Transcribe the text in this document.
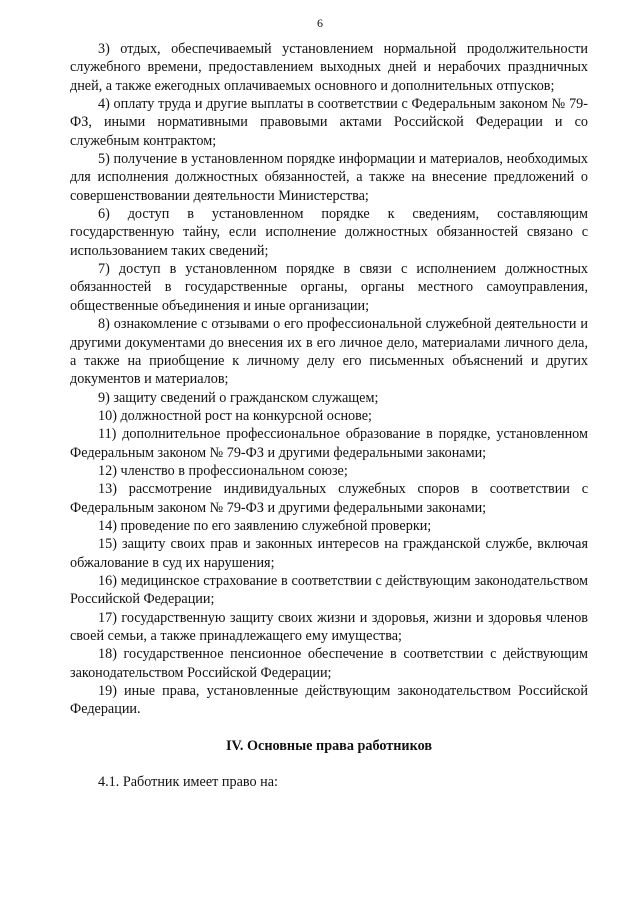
6

3) отдых, обеспечиваемый установлением нормальной продолжительности служебного времени, предоставлением выходных дней и нерабочих праздничных дней, а также ежегодных оплачиваемых основного и дополнительных отпусков;

4) оплату труда и другие выплаты в соответствии с Федеральным законом № 79-ФЗ, иными нормативными правовыми актами Российской Федерации и со служебным контрактом;

5) получение в установленном порядке информации и материалов, необходимых для исполнения должностных обязанностей, а также на внесение предложений о совершенствовании деятельности Министерства;

6) доступ в установленном порядке к сведениям, составляющим государственную тайну, если исполнение должностных обязанностей связано с использованием таких сведений;

7) доступ в установленном порядке в связи с исполнением должностных обязанностей в государственные органы, органы местного самоуправления, общественные объединения и иные организации;

8) ознакомление с отзывами о его профессиональной служебной деятельности и другими документами до внесения их в его личное дело, материалами личного дела, а также на приобщение к личному делу его письменных объяснений и других документов и материалов;

9) защиту сведений о гражданском служащем;

10) должностной рост на конкурсной основе;

11) дополнительное профессиональное образование в порядке, установленном Федеральным законом № 79-ФЗ и другими федеральными законами;

12) членство в профессиональном союзе;

13) рассмотрение индивидуальных служебных споров в соответствии с Федеральным законом № 79-ФЗ и другими федеральными законами;

14) проведение по его заявлению служебной проверки;

15) защиту своих прав и законных интересов на гражданской службе, включая обжалование в суд их нарушения;

16) медицинское страхование в соответствии с действующим законодательством Российской Федерации;

17) государственную защиту своих жизни и здоровья, жизни и здоровья членов своей семьи, а также принадлежащего ему имущества;

18) государственное пенсионное обеспечение в соответствии с действующим законодательством Российской Федерации;

19) иные права, установленные действующим законодательством Российской Федерации.

IV. Основные права работников

4.1. Работник имеет право на:
